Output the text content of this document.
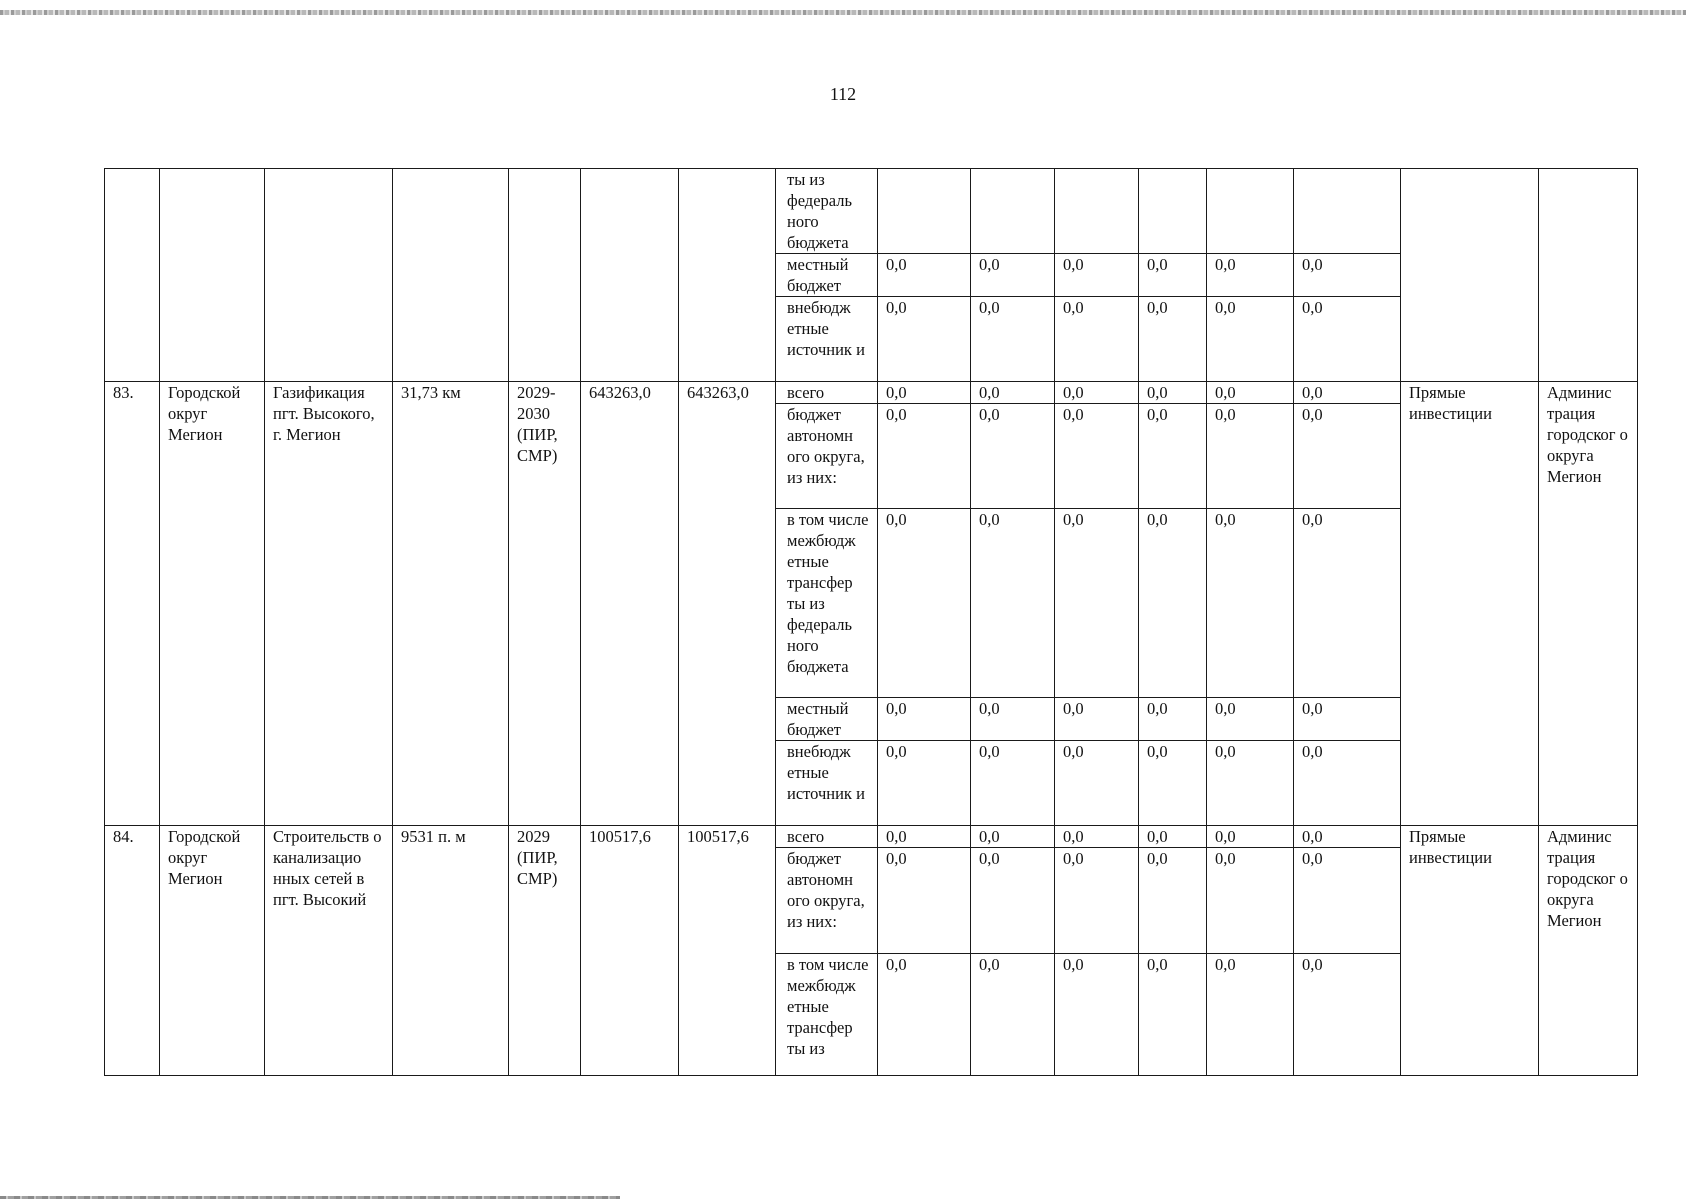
112
							ты из федераль ного бюджета								
							местный бюджет	0,0	0,0	0,0	0,0	0,0	0,0		
							внебюдж етные источник и	0,0	0,0	0,0	0,0	0,0	0,0		
83.	Городской округ Мегион	Газификация пгт. Высокого, г. Мегион	31,73 км	2029-2030 (ПИР, СМР)	643263,0	643263,0	всего	0,0	0,0	0,0	0,0	0,0	0,0	Прямые инвестиции	Админис трация городског о округа Мегион
							бюджет автономн ого округа, из них:	0,0	0,0	0,0	0,0	0,0	0,0		
							в том числе межбюдж етные трансфер ты из федераль ного бюджета	0,0	0,0	0,0	0,0	0,0	0,0		
							местный бюджет	0,0	0,0	0,0	0,0	0,0	0,0		
							внебюдж етные источник и	0,0	0,0	0,0	0,0	0,0	0,0		
84.	Городской округ Мегион	Строительств о канализацио нных сетей в пгт. Высокий	9531 п. м	2029 (ПИР, СМР)	100517,6	100517,6	всего	0,0	0,0	0,0	0,0	0,0	0,0	Прямые инвестиции	Админис трация городског о округа Мегион
							бюджет автономн ого округа, из них:	0,0	0,0	0,0	0,0	0,0	0,0		
							в том числе межбюдж етные трансфер ты из	0,0	0,0	0,0	0,0	0,0	0,0		
